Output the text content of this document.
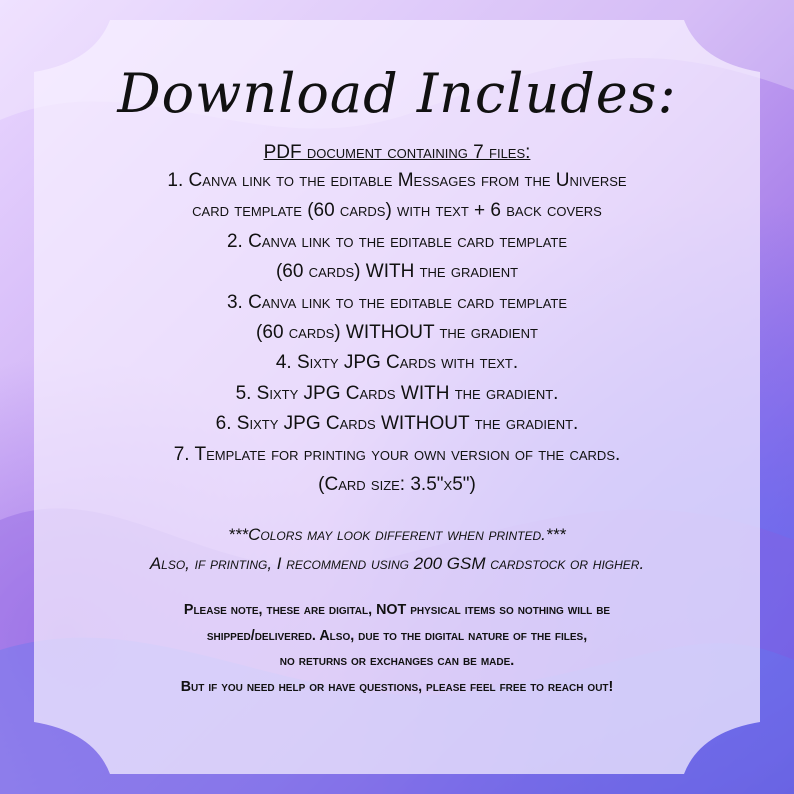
Download Includes:
PDF document containing 7 files:
1. Canva link to the editable Messages from the Universe
card template (60 cards) with text + 6 back covers
2. Canva link to the editable card template
(60 cards) WITH the gradient
3. Canva link to the editable card template
(60 cards) WITHOUT the gradient
4. Sixty JPG Cards with text.
5. Sixty JPG Cards WITH the gradient.
6. Sixty JPG Cards WITHOUT the gradient.
7. Template for printing your own version of the cards.
(Card size: 3.5"x5")
***Colors may look different when printed.***
Also, if printing, I recommend using 200 GSM cardstock or higher.
Please note, these are digital, NOT physical items so nothing will be
shipped/delivered. Also, due to the digital nature of the files,
no returns or exchanges can be made.
But if you need help or have questions, please feel free to reach out!
